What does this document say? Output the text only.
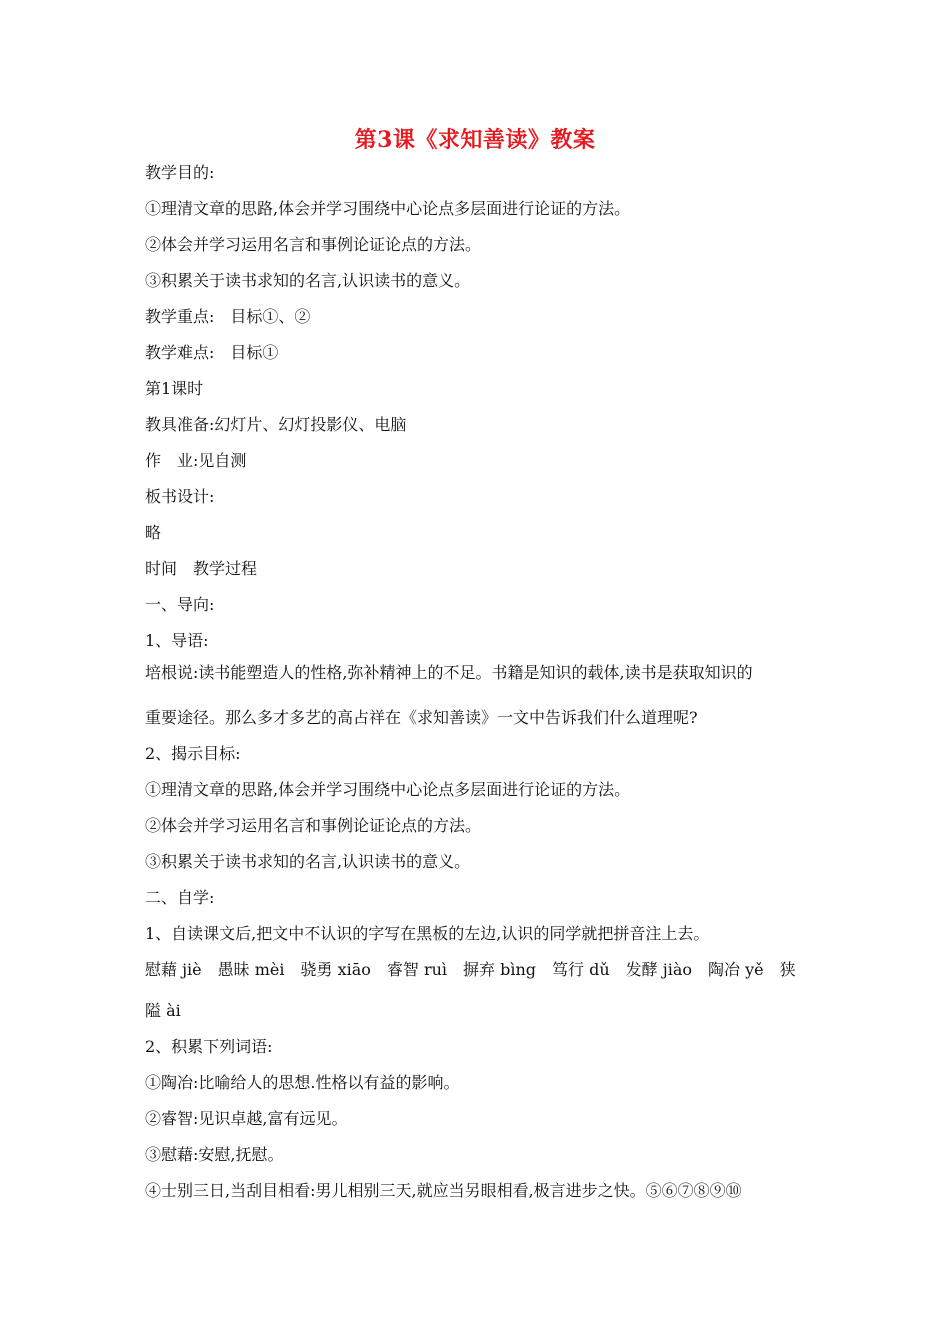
第3课《求知善读》教案
教学目的:
①理清文章的思路,体会并学习围绕中心论点多层面进行论证的方法。
②体会并学习运用名言和事例论证论点的方法。
③积累关于读书求知的名言,认识读书的意义。
教学重点:　目标①、②
教学难点:　目标①
第1课时
教具准备:幻灯片、幻灯投影仪、电脑
作　业:见自测
板书设计:
略
时间　教学过程
一、导向:
1、导语:
培根说:读书能塑造人的性格,弥补精神上的不足。书籍是知识的载体,读书是获取知识的
重要途径。那么多才多艺的高占祥在《求知善读》一文中告诉我们什么道理呢?
2、揭示目标:
①理清文章的思路,体会并学习围绕中心论点多层面进行论证的方法。
②体会并学习运用名言和事例论证论点的方法。
③积累关于读书求知的名言,认识读书的意义。
二、自学:
1、自读课文后,把文中不认识的字写在黑板的左边,认识的同学就把拼音注上去。
慰藉 jiè　愚昧 mèi　骁勇 xiāo　睿智 ruì　摒弃 bìng　笃行 dǔ　发酵 jiào　陶冶 yě　狭
隘 ài
2、积累下列词语:
①陶冶:比喻给人的思想.性格以有益的影响。
②睿智:见识卓越,富有远见。
③慰藉:安慰,抚慰。
④士别三日,当刮目相看:男儿相别三天,就应当另眼相看,极言进步之快。⑤⑥⑦⑧⑨⑩
